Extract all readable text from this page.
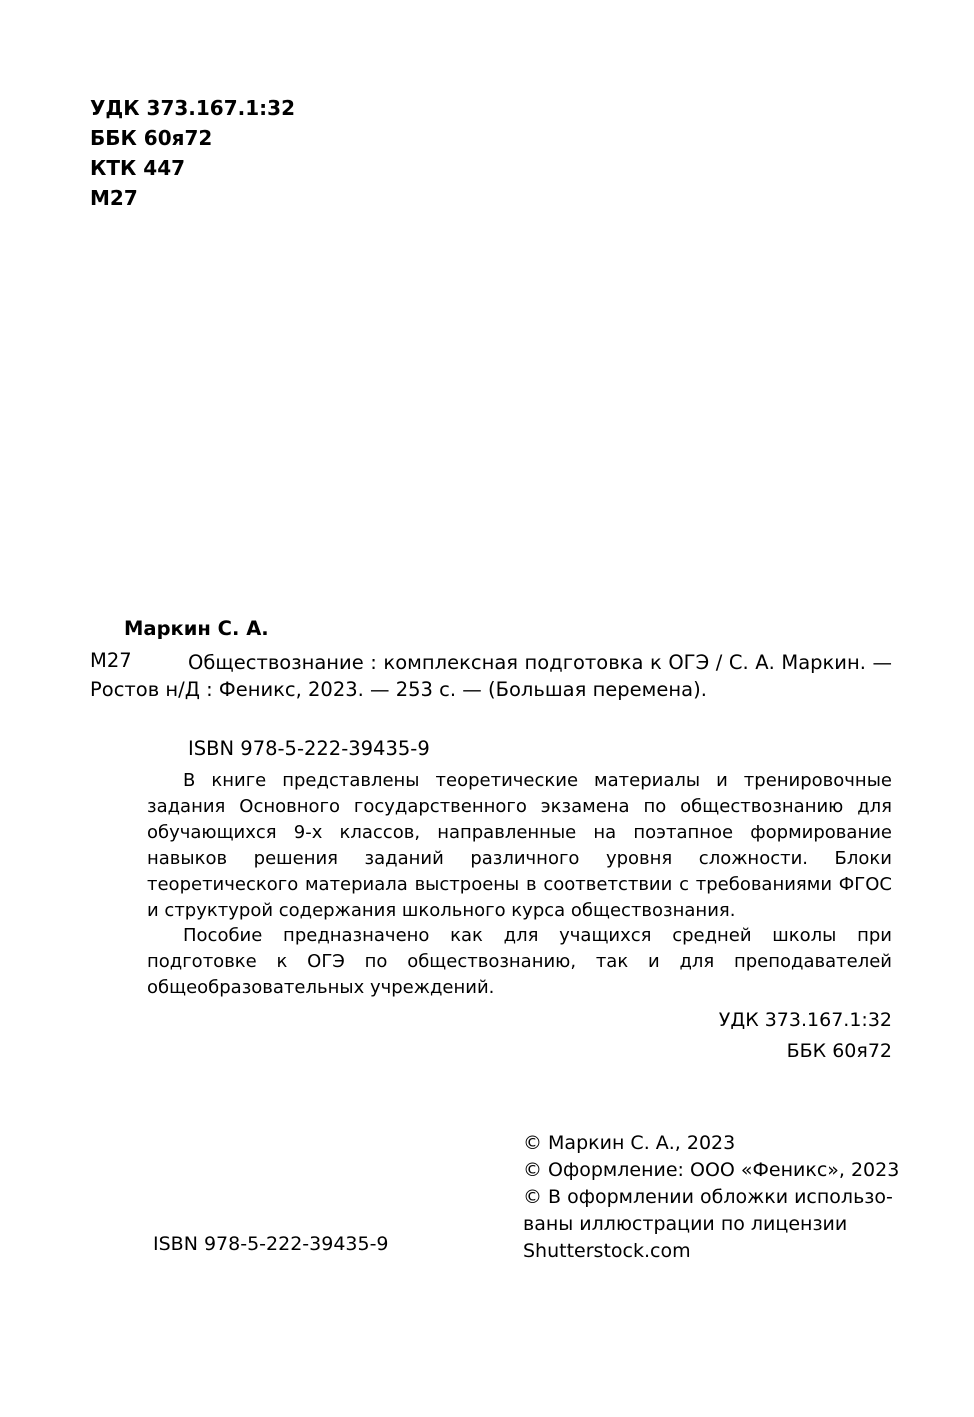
УДК 373.167.1:32
ББК 60я72
КТК 447
М27
Маркин С. А.
М27	Обществознание : комплексная подготовка к ОГЭ / С. А. Маркин. — Ростов н/Д : Феникс, 2023. — 253 с. — (Большая перемена).
ISBN 978-5-222-39435-9
В книге представлены теоретические материалы и тренировочные задания Основного государственного экзамена по обществознанию для обучающихся 9-х классов, направленные на поэтапное формирование навыков решения заданий различного уровня сложности. Блоки теоретического материала выстроены в соответствии с требованиями ФГОС и структурой содержания школьного курса обществознания.
Пособие предназначено как для учащихся средней школы при подготовке к ОГЭ по обществознанию, так и для преподавателей общеобразовательных учреждений.
УДК 373.167.1:32
ББК 60я72
© Маркин С. А., 2023
© Оформление: ООО «Феникс», 2023
© В оформлении обложки использо-
ваны иллюстрации по лицензии
Shutterstock.com
ISBN 978-5-222-39435-9
